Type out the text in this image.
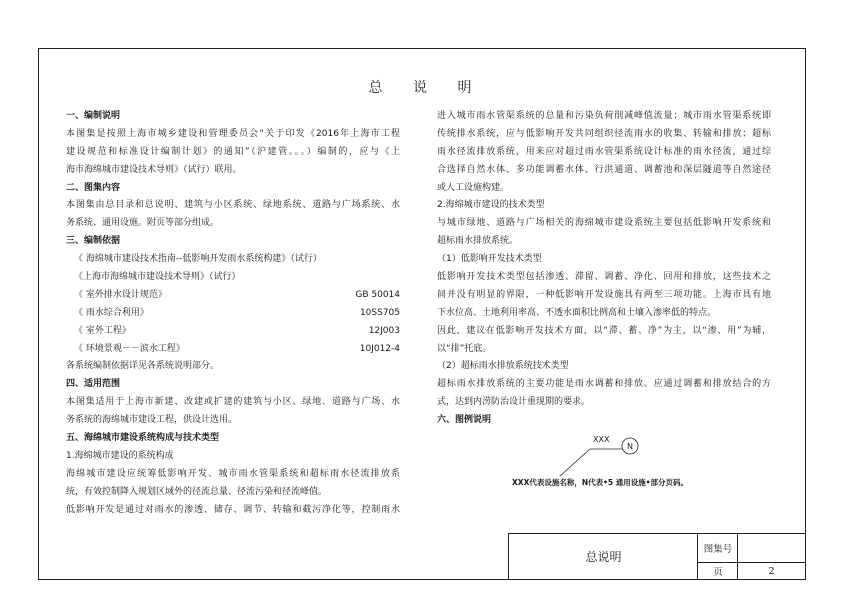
总 说 明
一、编制说明
本图集是按照上海市城乡建设和管理委员会“关于印发《2016年上海市工程
建设规范和标准设计编制计划》的通知”（沪建管。。。）编制的，应与《上
海市海绵城市建设技术导则》（试行）联用。
二、图集内容
本图集由总目录和总说明、建筑与小区系统、绿地系统、道路与广场系统、水
务系统、通用设施。附页等部分组成。
三、编制依据
《 海绵城市建设技术指南--低影响开发雨水系统构建》（试行）
《上海市海绵城市建设技术导则》（试行）
《 室外排水设计规范》	GB 50014
《 雨水综合利用》	10SS705
《 室外工程》	12J003
《 环境景观－－滨水工程》	10J012-4
各系统编制依据详见各系统说明部分。
四、适用范围
本图集适用于上海市新建、改建或扩建的建筑与小区、绿地、道路与广场、水
务系统的海绵城市建设工程，供设计选用。
五、海绵城市建设系统构成与技术类型
1.海绵城市建设的系统构成
海绵城市建设应统筹低影响开发、城市雨水管渠系统和超标雨水径流排放系
统，有效控制降入规划区域外的径流总量、径流污染和径流峰值。
低影响开发是通过对雨水的渗透、储存、调节、转输和截污净化等，控制雨水
进入城市雨水管渠系统的总量和污染负荷削减峰值流量；城市雨水管渠系统即
传统排水系统，应与低影响开发共同组织径流雨水的收集、转输和排放；超标
雨水径流排放系统，用来应对超过雨水管渠系统设计标准的雨水径流，通过综
合选择自然水体、多功能调蓄水体、行洪通道、调蓄池和深层隧道等自然途径
或人工设施构建。
2.海绵城市建设的技术类型
与城市绿地、道路与广场相关的海绵城市建设系统主要包括低影响开发系统和
超标雨水排放系统。
（1）低影响开发技术类型
低影响开发技术类型包括渗透、滞留、调蓄、净化、回用和排放，这些技术之
间并没有明显的界限，一种低影响开发设施具有两至三项功能。上海市具有地
下水位高、土地利用率高、不透水面积比例高和土壤入渗率低的特点。
因此，建议在低影响开发技术方面，以“滞、蓄、净”为主，以“渗、用”为辅，
以“排”托底。
（2）超标雨水排放系统技术类型
超标雨水排放系统的主要功能是雨水调蓄和排放。应通过调蓄和排放结合的方
式，达到内涝防治设计重现期的要求。
六、图例说明
XXX
N
XXX代表设施名称，N代表•5 通用设施•部分页码。
总说明
图集号
页	2
